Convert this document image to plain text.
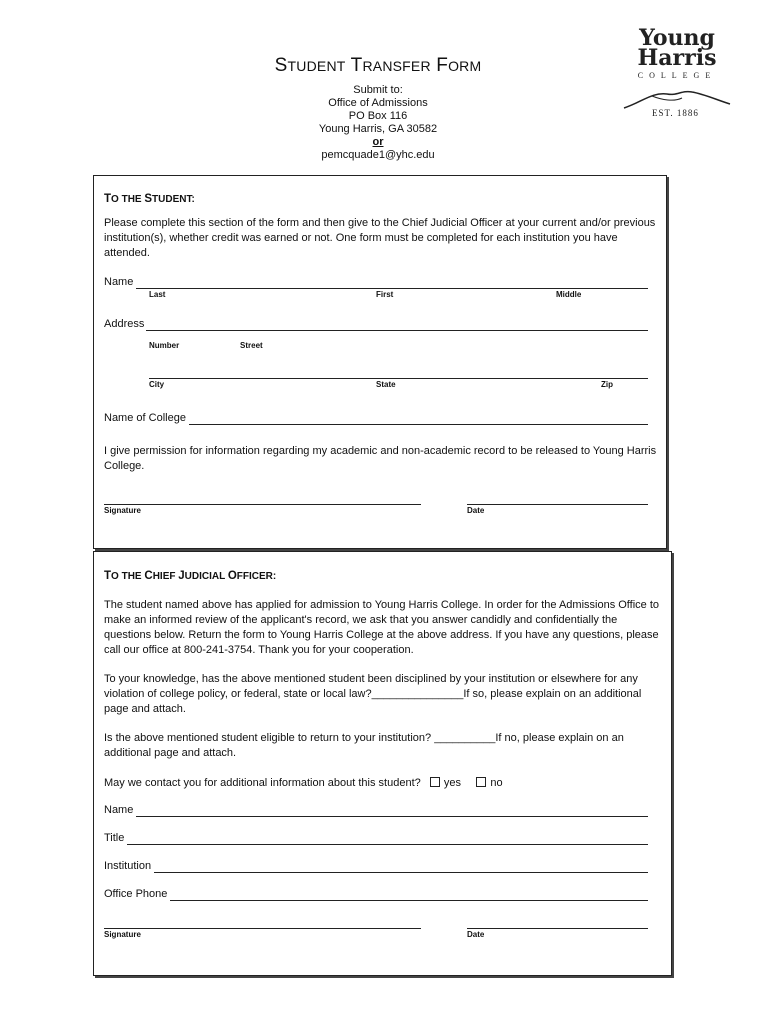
STUDENT TRANSFER FORM
Submit to:
Office of Admissions
PO Box 116
Young Harris, GA 30582
or
pemcquade1@yhc.edu
Young
Harris
COLLEGE
EST. 1886
TO THE STUDENT:
Please complete this section of the form and then give to the Chief Judicial Officer at your current and/or previous institution(s), whether credit was earned or not. One form must be completed for each institution you have attended.
Name
Last	First	Middle
Address
Number	Street
City	State	Zip
Name of College
I give permission for information regarding my academic and non-academic record to be released to Young Harris College.
Signature	Date
TO THE CHIEF JUDICIAL OFFICER:
The student named above has applied for admission to Young Harris College. In order for the Admissions Office to make an informed review of the applicant's record, we ask that you answer candidly and confidentially the questions below. Return the form to Young Harris College at the above address. If you have any questions, please call our office at 800-241-3754. Thank you for your cooperation.
To your knowledge, has the above mentioned student been disciplined by your institution or elsewhere for any violation of college policy, or federal, state or local law?_______________If so, please explain on an additional page and attach.
Is the above mentioned student eligible to return to your institution? __________If no, please explain on an additional page and attach.
May we contact you for additional information about this student? yes	no
Name
Title
Institution
Office Phone
Signature	Date
